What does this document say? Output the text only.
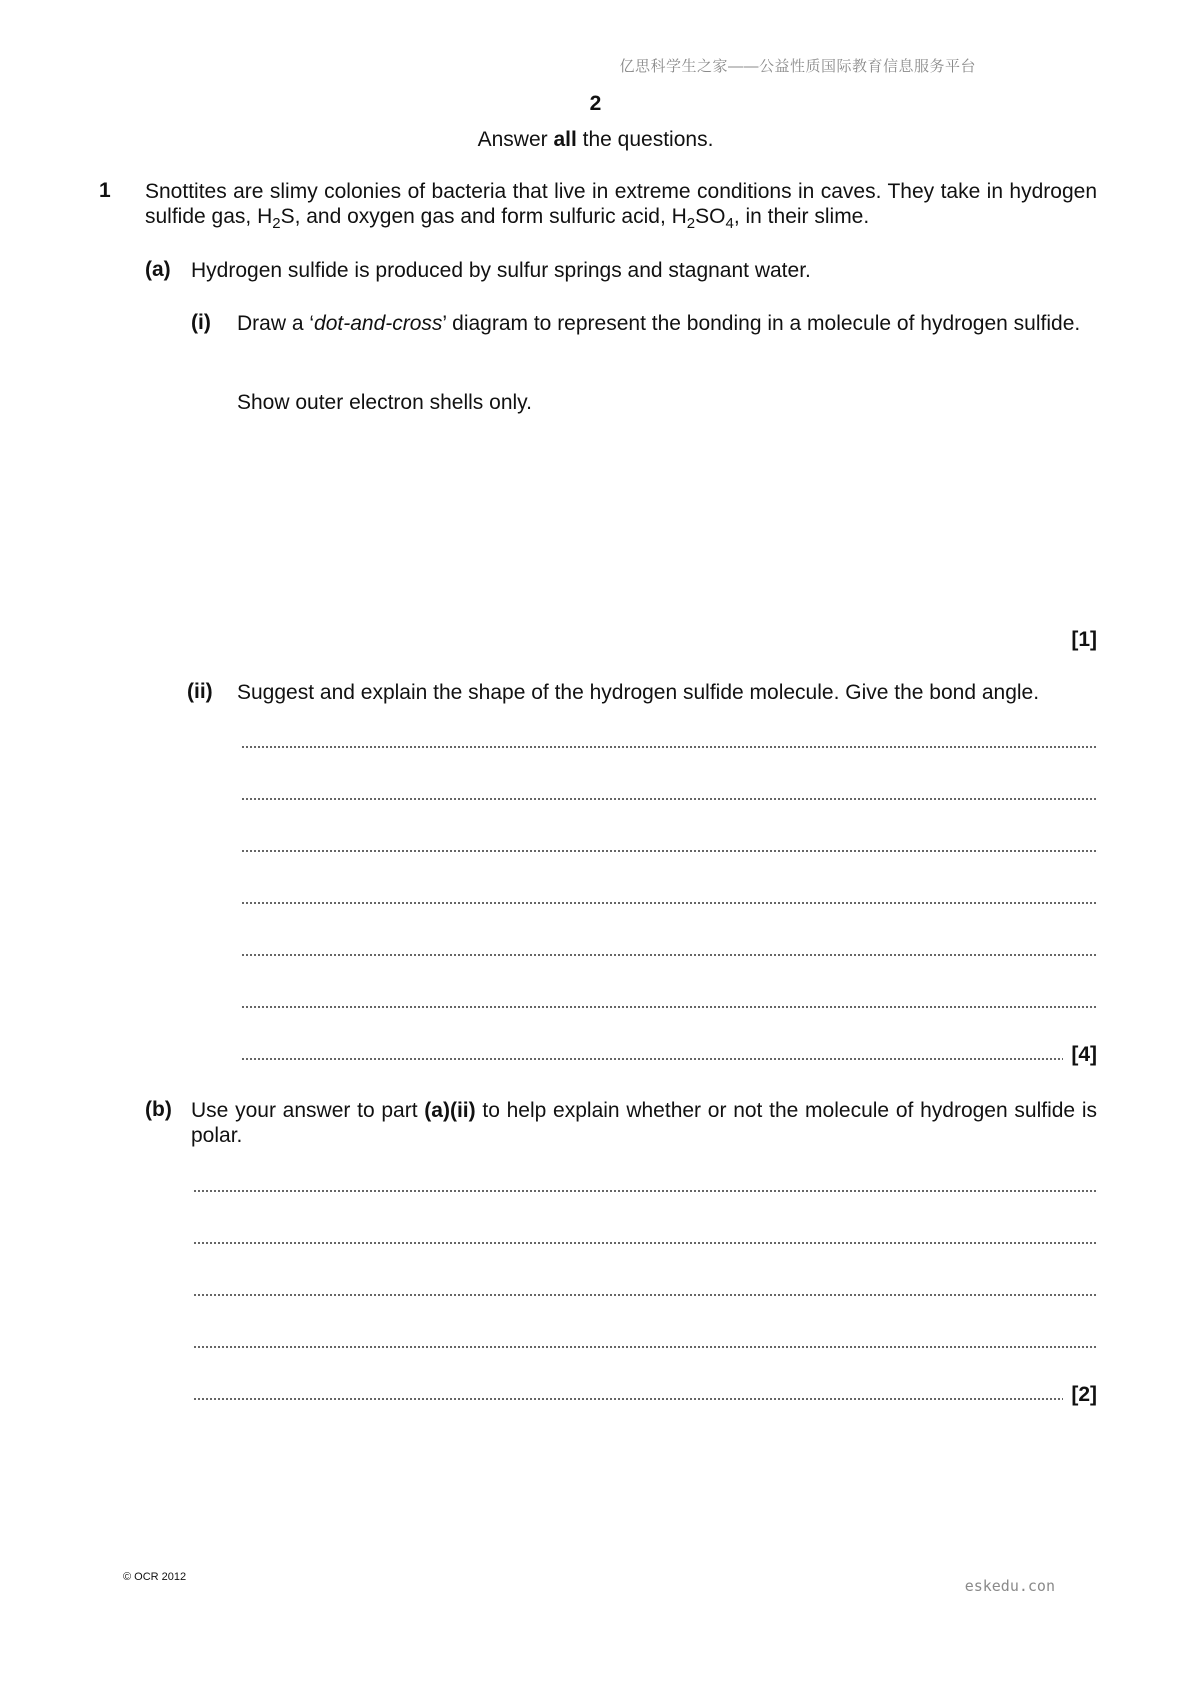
亿思科学生之家——公益性质国际教育信息服务平台
2
Answer all the questions.
1 Snottites are slimy colonies of bacteria that live in extreme conditions in caves. They take in hydrogen sulfide gas, $H_2S$, and oxygen gas and form sulfuric acid, $H_2SO_4$, in their slime.
(a) Hydrogen sulfide is produced by sulfur springs and stagnant water.
(i) Draw a ‘dot-and-cross’ diagram to represent the bonding in a molecule of hydrogen sulfide.
Show outer electron shells only.
[1]
(ii) Suggest and explain the shape of the hydrogen sulfide molecule. Give the bond angle.
[4]
(b) Use your answer to part (a)(ii) to help explain whether or not the molecule of hydrogen sulfide is polar.
[2]
© OCR 2012	eskedu.con
